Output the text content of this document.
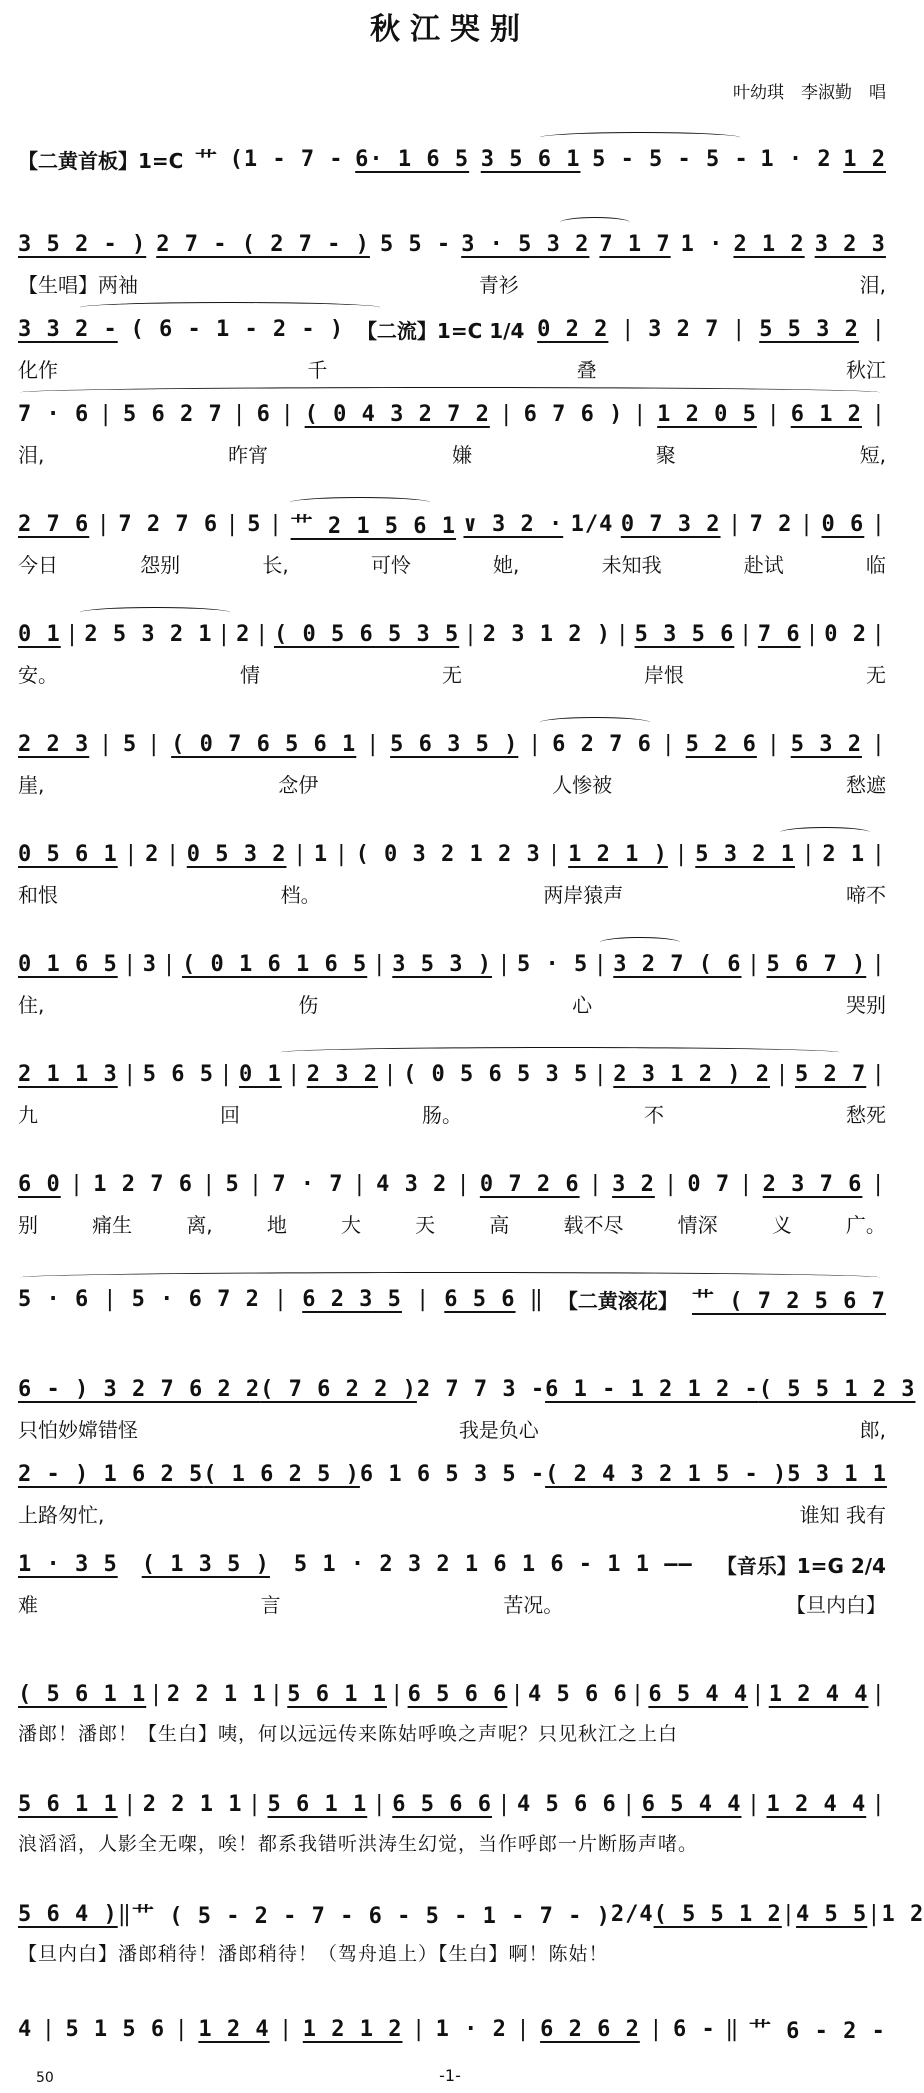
秋江哭别
叶幼琪　李淑勤　唱
【二黄首板】1=C 艹 (1 - 7 - 6· 1 6 5 3 5 6 1 5 - 5 - 5 - 1 · 2 1 2
3 5 2 - ) 2 7 - ( 2 7 - ) 5 5 - 3 · 5 3 2 7 1 7 1 · 2 1 2 3 2 3
【生唱】两袖	青衫	泪,
3 3 2 - ( 6 - 1 - 2 - ) 【二流】1=C 1/4 0 2 2 | 3 2 7 | 5 5 3 2 |
化作	千	叠	秋江
7 · 6 | 5 6 2 7 | 6 | ( 0 4 3 2 7 2 | 6 7 6 ) | 1 2 0 5 | 6 1 2 |
泪,	昨宵	嫌	聚	短,
2 7 6 | 7 2 7 6 | 5 | 艹 2 1 5 6 1 ∨ 3 2 · 1/4 0 7 3 2 | 7 2 | 0 6 |
今日	怨别	长,	可怜	她,	未知我	赴试	临
0 1 | 2 5 3 2 1 | 2 | ( 0 5 6 5 3 5 | 2 3 1 2 ) | 5 3 5 6 | 7 6 | 0 2 |
安。	情	无	岸恨	无
2 2 3 | 5 | ( 0 7 6 5 6 1 | 5 6 3 5 ) | 6 2 7 6 | 5 2 6 | 5 3 2 |
崖,	念伊	人惨被	愁遮
0 5 6 1 | 2 | 0 5 3 2 | 1 | ( 0 3 2 1 2 3 | 1 2 1 ) | 5 3 2 1 | 2 1 |
和恨	档。	两岸猿声	啼不
0 1 6 5 | 3 | ( 0 1 6 1 6 5 | 3 5 3 ) | 5 · 5 | 3 2 7 ( 6 | 5 6 7 ) |
住,	伤	心	哭别
2 1 1 3 | 5 6 5 | 0 1 | 2 3 2 | ( 0 5 6 5 3 5 | 2 3 1 2 ) 2 | 5 2 7 |
九	回	肠。	不	愁死
6 0 | 1 2 7 6 | 5 | 7 · 7 | 4 3 2 | 0 7 2 6 | 3 2 | 0 7 | 2 3 7 6 |
别	痛生	离,	地	大	天	高	载不尽	情深	义	广。
5 · 6 | 5 · 6 7 2 | 6 2 3 5 | 6 5 6 ‖ 【二黄滚花】 艹 ( 7 2 5 6 7
6 - ) 3 2 7 6 2 2 ( 7 6 2 2 ) 2 7 7 3 - 6 1 - 1 2 1 2 - ( 5 5 1 2 3
只怕妙嫦错怪	我是负心	郎,
2 - ) 1 6 2 5 ( 1 6 2 5 ) 6 1 6 5 3 5 - ( 2 4 3 2 1 5 - ) 5 3 1 1
上路匆忙,	谁知 我有
1 · 3 5 ( 1 3 5 ) 5 1 · 2 3 2 1 6 1 6 - 1 1 —— 【音乐】1=G 2/4
难	言	苦况。	【旦内白】
( 5 6 1 1 | 2 2 1 1 | 5 6 1 1 | 6 5 6 6 | 4 5 6 6 | 6 5 4 4 | 1 2 4 4 |
潘郎！潘郎！【生白】咦，何以远远传来陈姑呼唤之声呢？只见秋江之上白
5 6 1 1 | 2 2 1 1 | 5 6 1 1 | 6 5 6 6 | 4 5 6 6 | 6 5 4 4 | 1 2 4 4 |
浪滔滔，人影全无㗎，唉！都系我错听洪涛生幻觉，当作呼郎一片断肠声啫。
5 6 4 ) ‖ 艹 ( 5 - 2 - 7 - 6 - 5 - 1 - 7 - ) 2/4 ( 5 5 1 2 | 4 5 5 | 1 2
【旦内白】潘郎稍待！潘郎稍待！（驾舟追上）【生白】啊！陈姑！
4 | 5 1 5 6 | 1 2 4 | 1 2 1 2 | 1 · 2 | 6 2 6 2 | 6 - ‖ 艹 6 - 2 -
50	-1-
